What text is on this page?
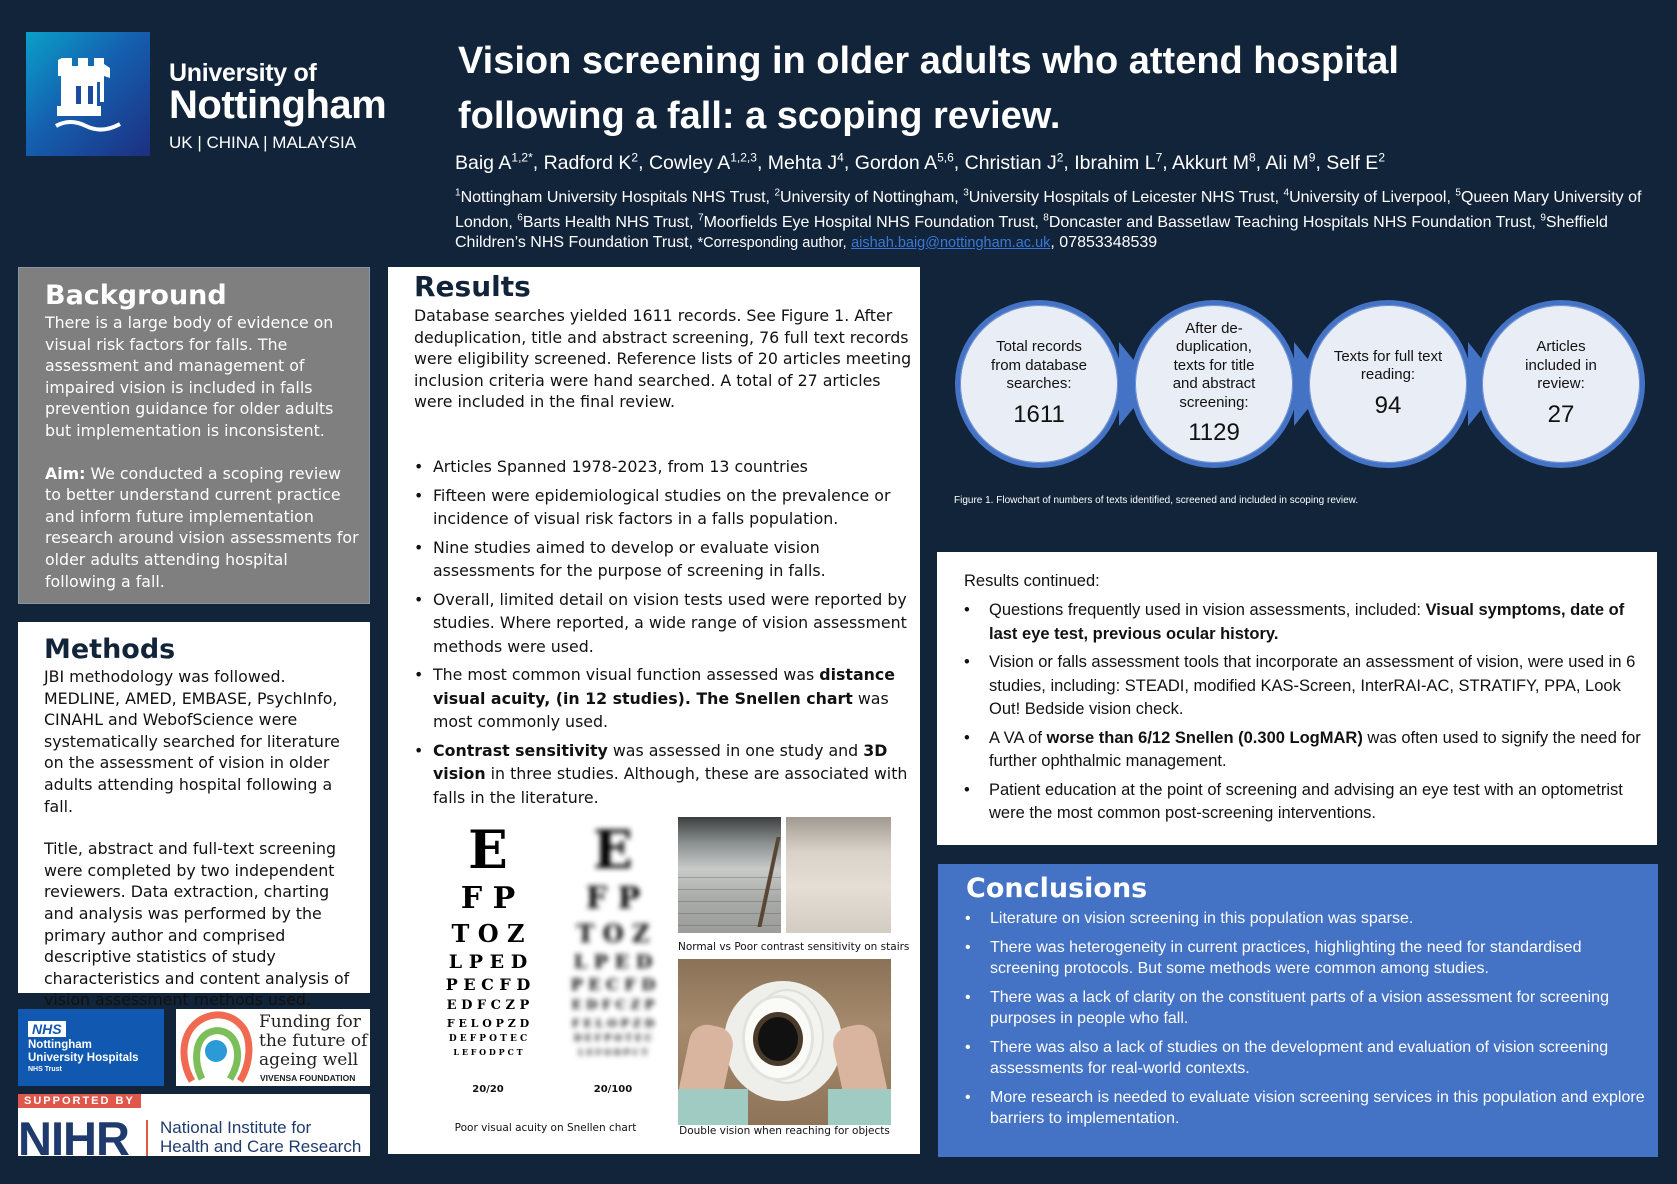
University of
Nottingham
UK | CHINA | MALAYSIA
Vision screening in older adults who attend hospital
following a fall: a scoping review.
Baig $A^{1,2*}$, Radford $K^2$, Cowley A$^{1,2,3}$, Mehta $J^4$, Gordon A$^{5,6}$, Christian $J^2$, Ibrahim $L^7$, Akkurt $M^8$, Ali $M^9$, Self $E^2$
$^1$Nottingham University Hospitals NHS Trust, $^2$University of Nottingham, $^3$University Hospitals of Leicester NHS Trust, $^4$University of Liverpool, $^5$Queen Mary University of London, $^6$Barts Health NHS Trust, $^7$Moorfields Eye Hospital NHS Foundation Trust, $^8$Doncaster and Bassetlaw Teaching Hospitals NHS Foundation Trust, $^9$Sheffield Children’s NHS Foundation Trust, *Corresponding author, aishah.baig@nottingham.ac.uk, 07853348539
Background

There is a large body of evidence on visual risk factors for falls. The assessment and management of impaired vision is included in falls prevention guidance for older adults but implementation is inconsistent.

Aim: We conducted a scoping review to better understand current practice and inform future implementation research around vision assessments for older adults attending hospital following a fall.

Methods

JBI methodology was followed. MEDLINE, AMED, EMBASE, PsychInfo, CINAHL and WebofScience were systematically searched for literature on the assessment of vision in older adults attending hospital following a fall.

Title, abstract and full-text screening were completed by two independent reviewers. Data extraction, charting and analysis was performed by the primary author and comprised descriptive statistics of study characteristics and content analysis of vision assessment methods used.

Results

Database searches yielded 1611 records. See Figure 1. After deduplication, title and abstract screening, 76 full text records were eligibility screened. Reference lists of 20 articles meeting inclusion criteria were hand searched. A total of 27 articles were included in the final review.

• Articles Spanned 1978-2023, from 13 countries
• Fifteen were epidemiological studies on the prevalence or incidence of visual risk factors in a falls population.
• Nine studies aimed to develop or evaluate vision assessments for the purpose of screening in falls.
• Overall, limited detail on vision tests used were reported by studies. Where reported, a wide range of vision assessment methods were used.
• The most common visual function assessed was distance visual acuity, (in 12 studies). The Snellen chart was most commonly used.
• Contrast sensitivity was assessed in one study and 3D vision in three studies. Although, these are associated with falls in the literature.
E
F P
T O Z
L P E D
P E C F D
E D F C Z P
F E L O P Z D
D E F P O T E C
L E F O D P C T
E
F P
T O Z
L P E D
P E C F D
E D F C Z P
F E L O P Z D
D E F P O T E C
L E F O D P C T
20/20	20/100
Poor visual acuity on Snellen chart
Normal vs Poor contrast sensitivity on stairs
Double vision when reaching for objects
Total records from database searches:
1611
After de-duplication, texts for title and abstract screening:
1129
Texts for full text reading:
94
Articles included in review:
27
Figure 1. Flowchart of numbers of texts identified, screened and included in scoping review.
Results continued:
• Questions frequently used in vision assessments, included: Visual symptoms, date of last eye test, previous ocular history.
• Vision or falls assessment tools that incorporate an assessment of vision, were used in 6 studies, including: STEADI, modified KAS-Screen, InterRAI-AC, STRATIFY, PPA, Look Out! Bedside vision check.
• A VA of worse than 6/12 Snellen (0.300 LogMAR) was often used to signify the need for further ophthalmic management.
• Patient education at the point of screening and advising an eye test with an optometrist were the most common post-screening interventions.
Conclusions
• Literature on vision screening in this population was sparse.
• There was heterogeneity in current practices, highlighting the need for standardised screening protocols. But some methods were common among studies.
• There was a lack of clarity on the constituent parts of a vision assessment for screening purposes in people who fall.
• There was also a lack of studies on the development and evaluation of vision screening assessments for real-world contexts.
• More research is needed to evaluate vision screening services in this population and explore barriers to implementation.
NHS
Nottingham
University Hospitals
NHS Trust
Funding for
the future of
ageing well
VIVENSA FOUNDATION
SUPPORTED BY
NIHR National Institute for
Health and Care Research
